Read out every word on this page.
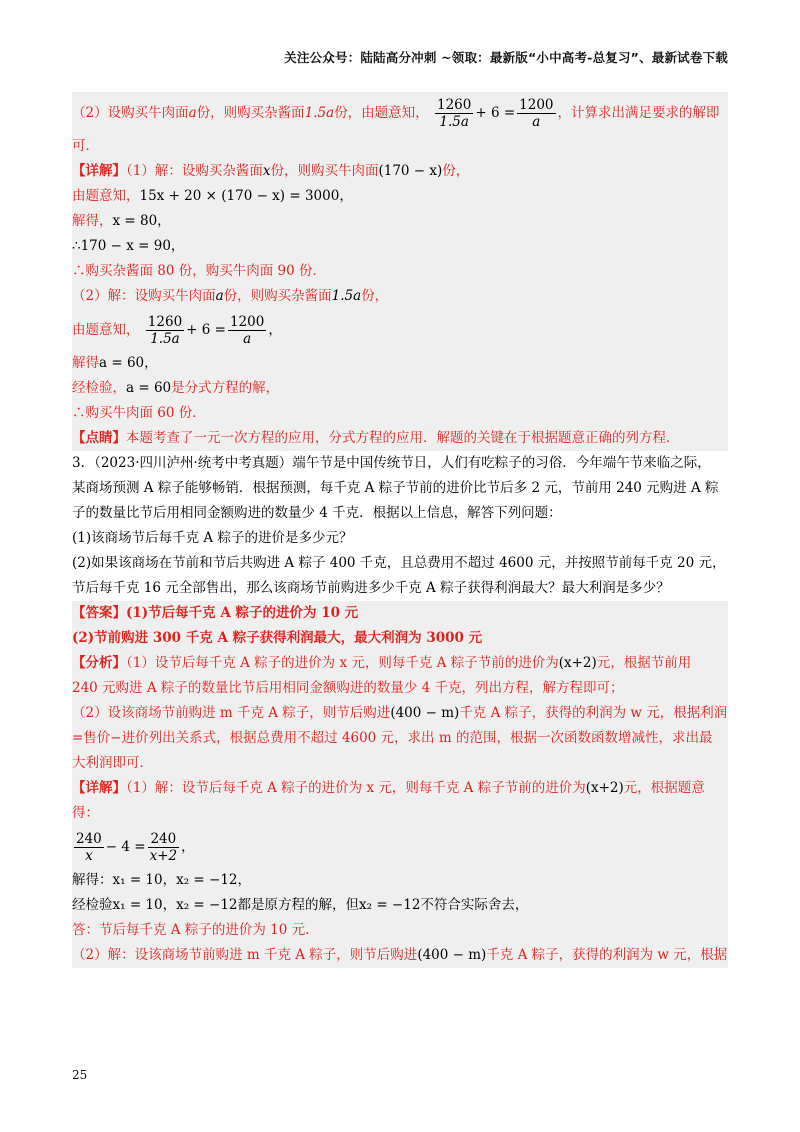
关注公众号：陆陆高分冲刺 ~领取：最新版“小中高考-总复习”、最新试卷下载
（2）设购买牛肉面a份，则购买杂酱面1.5a份，由题意知， $\frac{1260}{1.5a} + 6 = \frac{1200}{a}$ ，计算求出满足要求的解即
可．
【详解】（1）解：设购买杂酱面x份，则购买牛肉面(170 − x)份，
由题意知，15x + 20 × (170 − x) = 3000，
解得，x = 80，
∴170 − x = 90，
∴购买杂酱面 80 份，购买牛肉面 90 份．
（2）解：设购买牛肉面a份，则购买杂酱面1.5a份，
由题意知， $\frac{1260}{1.5a} + 6 = \frac{1200}{a}$ ，
解得a = 60，
经检验，a = 60是分式方程的解，
∴购买牛肉面 60 份．
【点睛】本题考查了一元一次方程的应用，分式方程的应用．解题的关键在于根据题意正确的列方程．
3．（2023·四川泸州·统考中考真题）端午节是中国传统节日，人们有吃粽子的习俗．今年端午节来临之际，
某商场预测 A 粽子能够畅销．根据预测，每千克 A 粽子节前的进价比节后多 2 元，节前用 240 元购进 A 粽
子的数量比节后用相同金额购进的数量少 4 千克．根据以上信息，解答下列问题：
(1)该商场节后每千克 A 粽子的进价是多少元？
(2)如果该商场在节前和节后共购进 A 粽子 400 千克，且总费用不超过 4600 元，并按照节前每千克 20 元，
节后每千克 16 元全部售出，那么该商场节前购进多少千克 A 粽子获得利润最大？最大利润是多少？
【答案】(1)节后每千克 A 粽子的进价为 10 元
(2)节前购进 300 千克 A 粽子获得利润最大，最大利润为 3000 元
【分析】（1）设节后每千克 A 粽子的进价为 x 元，则每千克 A 粽子节前的进价为(x+2)元，根据节前用
240 元购进 A 粽子的数量比节后用相同金额购进的数量少 4 千克，列出方程，解方程即可；
（2）设该商场节前购进 m 千克 A 粽子，则节后购进(400 − m)千克 A 粽子，获得的利润为 w 元，根据利润
=售价−进价列出关系式，根据总费用不超过 4600 元，求出 m 的范围，根据一次函数函数增减性，求出最
大利润即可．
【详解】（1）解：设节后每千克 A 粽子的进价为 x 元，则每千克 A 粽子节前的进价为(x+2)元，根据题意
得：
$\frac{240}{x} - 4 = \frac{240}{x+2}$ ，
解得：x₁ = 10，x₂ = −12，
经检验x₁ = 10，x₂ = −12都是原方程的解，但x₂ = −12不符合实际舍去，
答：节后每千克 A 粽子的进价为 10 元．
（2）解：设该商场节前购进 m 千克 A 粽子，则节后购进(400 − m)千克 A 粽子，获得的利润为 w 元，根据
25
